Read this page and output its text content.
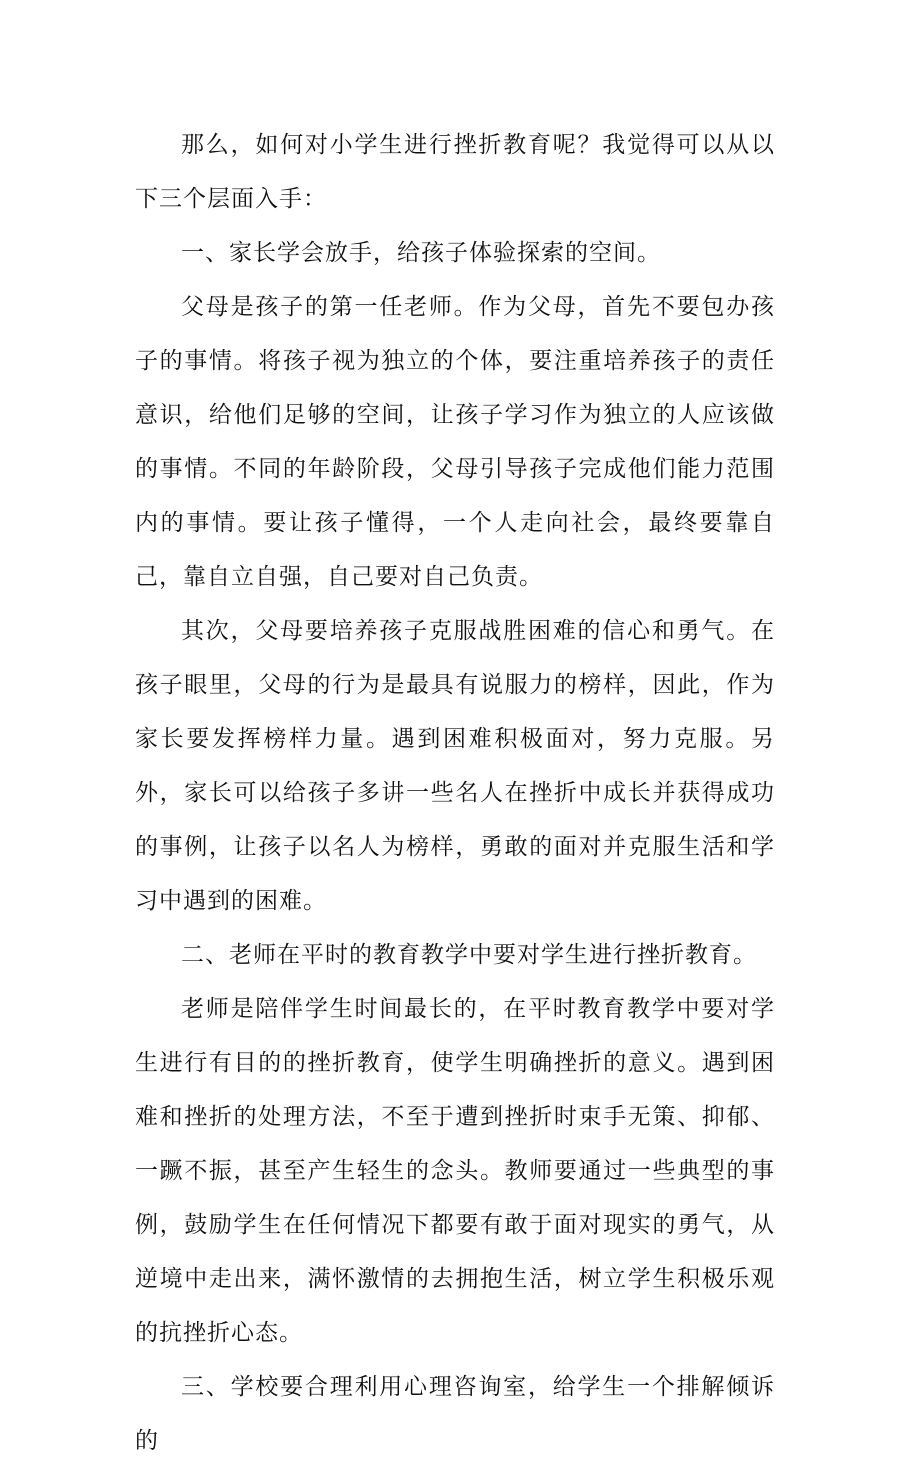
那么，如何对小学生进行挫折教育呢？我觉得可以从以下三个层面入手：

一、家长学会放手，给孩子体验探索的空间。

父母是孩子的第一任老师。作为父母，首先不要包办孩子的事情。将孩子视为独立的个体，要注重培养孩子的责任意识，给他们足够的空间，让孩子学习作为独立的人应该做的事情。不同的年龄阶段，父母引导孩子完成他们能力范围内的事情。要让孩子懂得，一个人走向社会，最终要靠自己，靠自立自强，自己要对自己负责。

其次，父母要培养孩子克服战胜困难的信心和勇气。在孩子眼里，父母的行为是最具有说服力的榜样，因此，作为家长要发挥榜样力量。遇到困难积极面对，努力克服。另外，家长可以给孩子多讲一些名人在挫折中成长并获得成功的事例，让孩子以名人为榜样，勇敢的面对并克服生活和学习中遇到的困难。

二、老师在平时的教育教学中要对学生进行挫折教育。

老师是陪伴学生时间最长的，在平时教育教学中要对学生进行有目的的挫折教育，使学生明确挫折的意义。遇到困难和挫折的处理方法，不至于遭到挫折时束手无策、抑郁、一蹶不振，甚至产生轻生的念头。教师要通过一些典型的事例，鼓励学生在任何情况下都要有敢于面对现实的勇气，从逆境中走出来，满怀激情的去拥抱生活，树立学生积极乐观的抗挫折心态。

三、学校要合理利用心理咨询室，给学生一个排解倾诉的
